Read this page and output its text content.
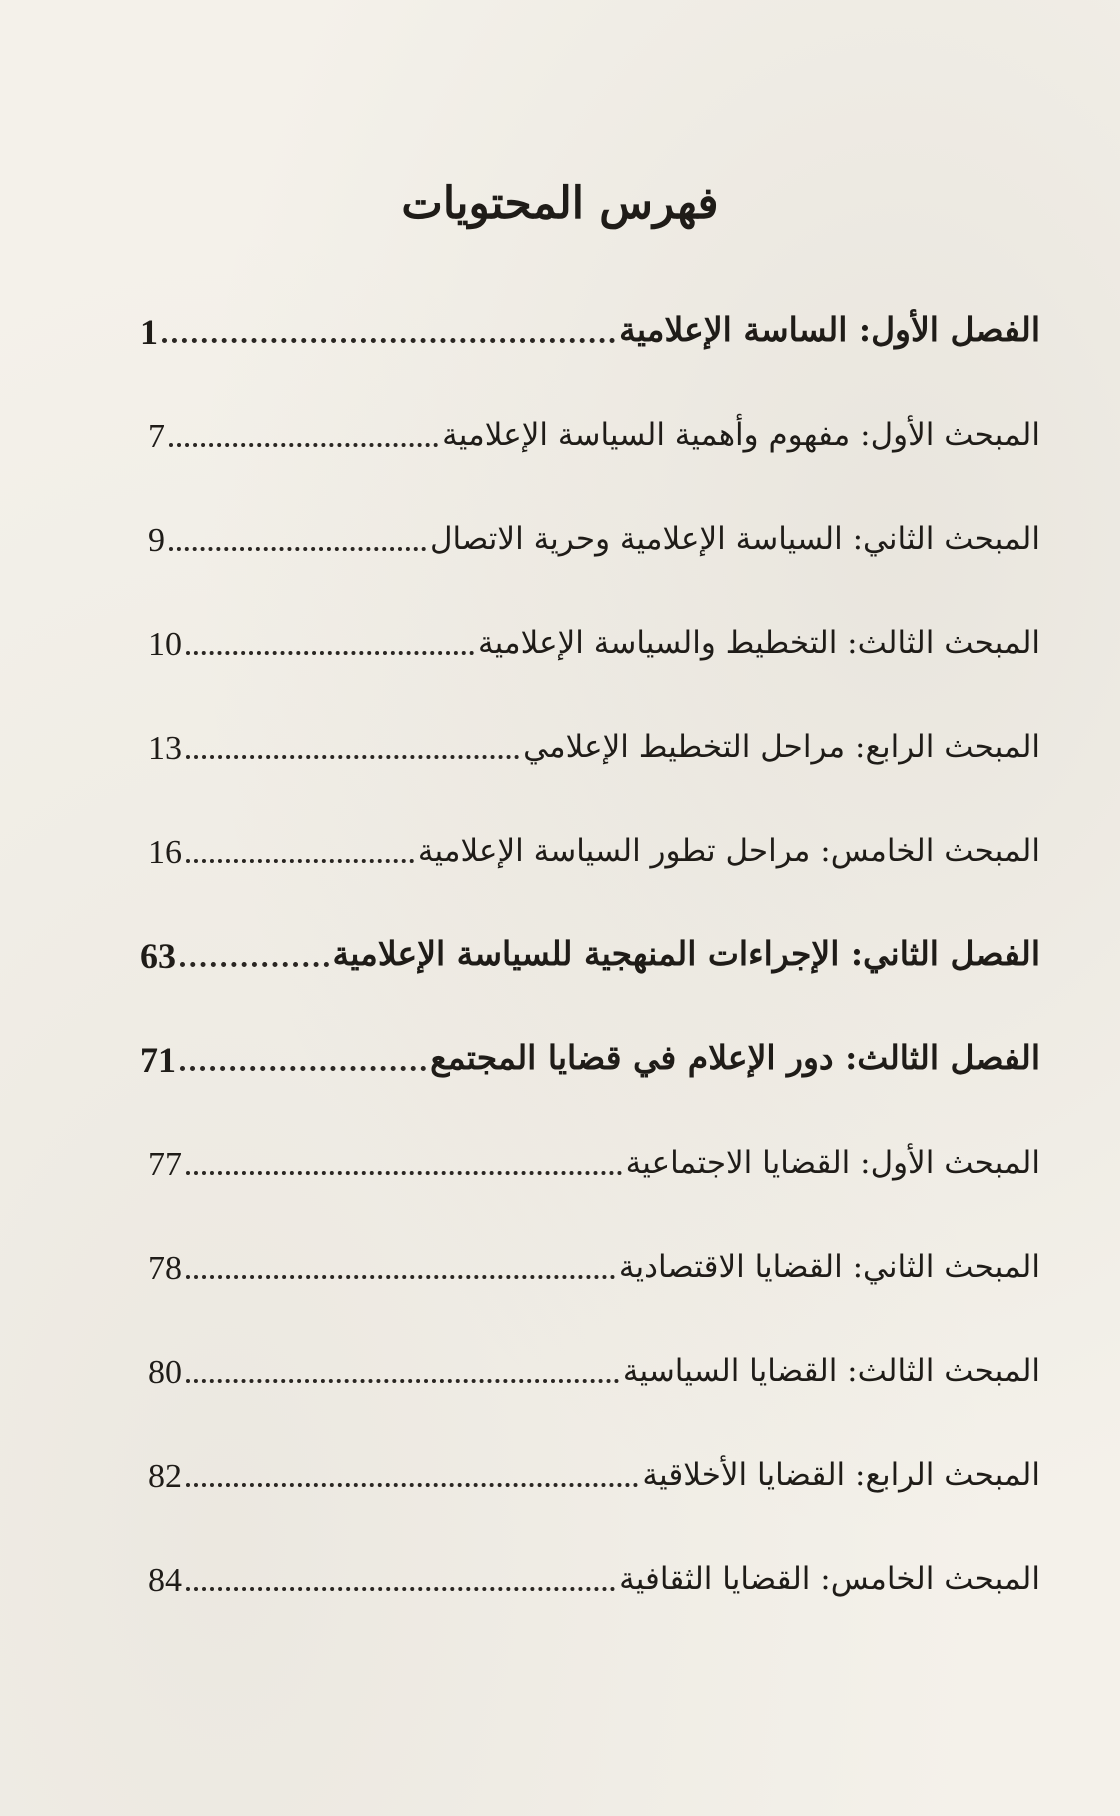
فهرس المحتويات
1	الفصل الأول: الساسة الإعلامية
7	المبحث الأول: مفهوم وأهمية السياسة الإعلامية
9	المبحث الثاني: السياسة الإعلامية وحرية الاتصال
10	المبحث الثالث: التخطيط والسياسة الإعلامية
13	المبحث الرابع: مراحل التخطيط الإعلامي
16	المبحث الخامس: مراحل تطور السياسة الإعلامية
63	الفصل الثاني: الإجراءات المنهجية للسياسة الإعلامية
71	الفصل الثالث: دور الإعلام في قضايا المجتمع
77	المبحث الأول: القضايا الاجتماعية
78	المبحث الثاني: القضايا الاقتصادية
80	المبحث الثالث: القضايا السياسية
82	المبحث الرابع: القضايا الأخلاقية
84	المبحث الخامس: القضايا الثقافية
